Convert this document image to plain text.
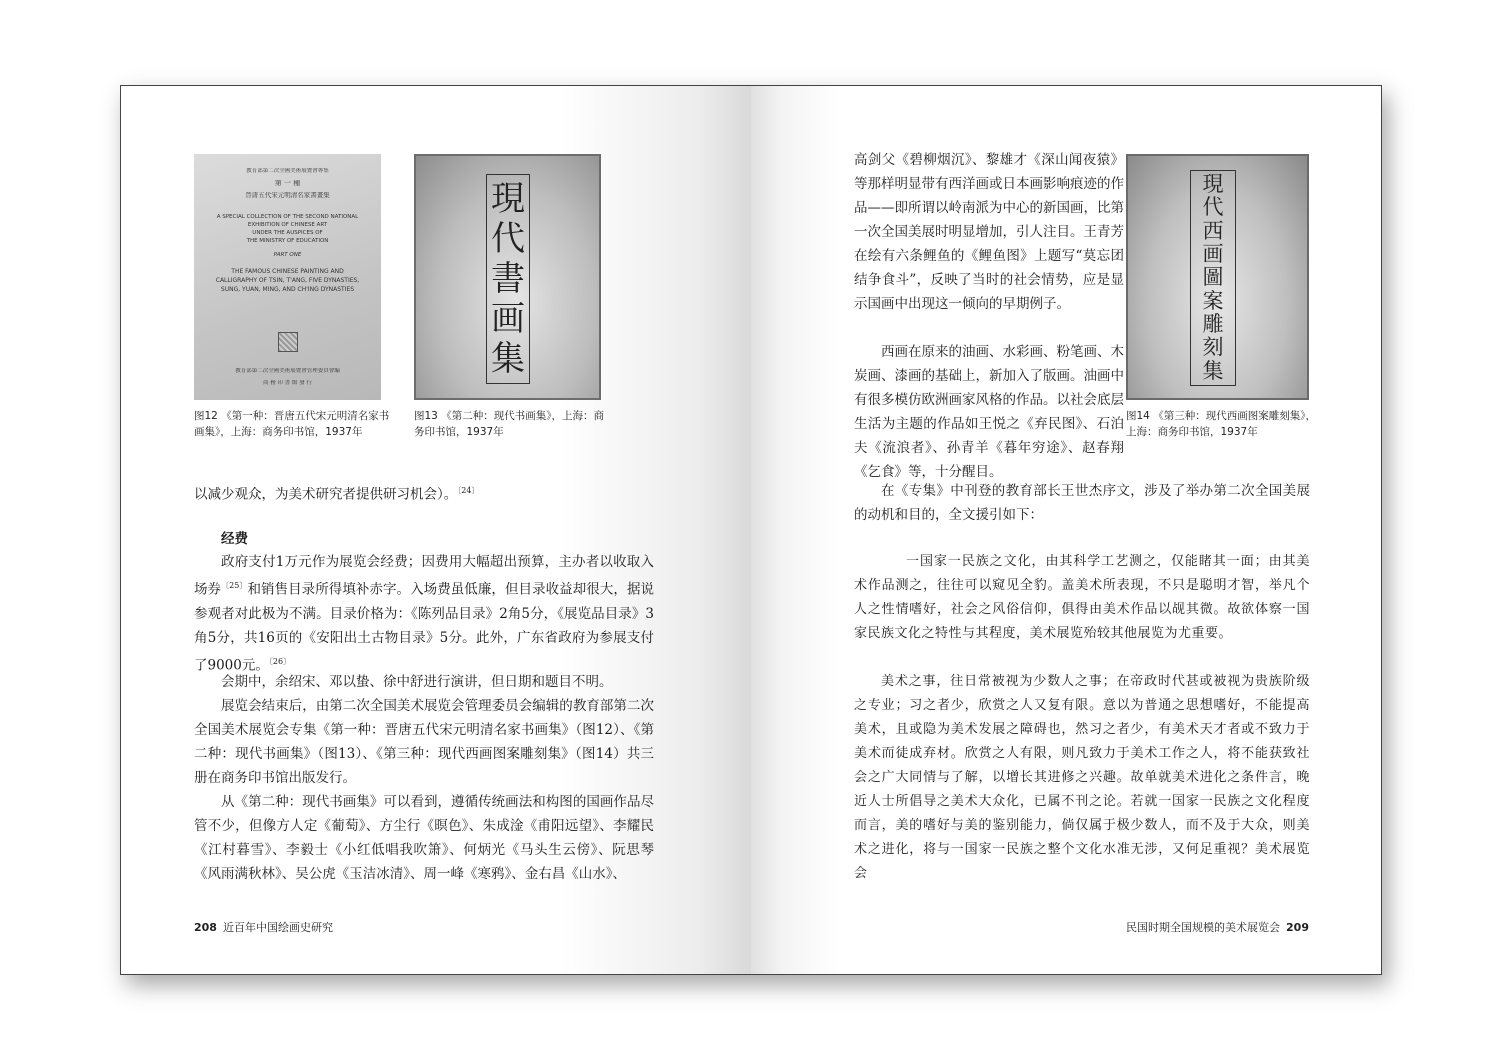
教育部第二次全國美術展覽會專集
第 一 種
晉唐五代宋元明清名家書畫集
A SPECIAL COLLECTION OF THE SECOND NATIONAL
EXHIBITION OF CHINESE ART
UNDER THE AUSPICES OF
THE MINISTRY OF EDUCATION
PART ONE
THE FAMOUS CHINESE PAINTING AND
CALLIGRAPHY OF TSIN, T'ANG, FIVE DYNASTIES,
SUNG, YUAN, MING, AND CH'ING DYNASTIES
教育部第二次全國美術展覽會管理委員會編
商 務 印 書 館 發 行
現
代
書
画
集
图12 《第一种：晋唐五代宋元明清名家书
画集》，上海：商务印书馆，1937年
图13 《第二种：现代书画集》，上海：商
务印书馆，1937年

以减少观众，为美术研究者提供研习机会）。$^{〔24〕}$

经费

政府支付1万元作为展览会经费；因费用大幅超出预算，主办者以收取入场券$^{〔25〕}$和销售目录所得填补赤字。入场费虽低廉，但目录收益却很大，据说参观者对此极为不满。目录价格为：《陈列品目录》2角5分，《展览品目录》3角5分，共16页的《安阳出土古物目录》5分。此外，广东省政府为参展支付了9000元。$^{〔26〕}$

会期中，余绍宋、邓以蛰、徐中舒进行演讲，但日期和题目不明。

展览会结束后，由第二次全国美术展览会管理委员会编辑的教育部第二次全国美术展览会专集《第一种：晋唐五代宋元明清名家书画集》（图12）、《第二种：现代书画集》（图13）、《第三种：现代西画图案雕刻集》（图14）共三册在商务印书馆出版发行。

从《第二种：现代书画集》可以看到，遵循传统画法和构图的国画作品尽管不少，但像方人定《葡萄》、方尘行《暝色》、朱成淦《甫阳远望》、李耀民《江村暮雪》、李毅士《小红低唱我吹箫》、何炳光《马头生云傍》、阮思琴《风雨满秋林》、吴公虎《玉洁冰清》、周一峰《寒鸦》、金右昌《山水》、

208 近百年中国绘画史研究

高剑父《碧柳烟沉》、黎雄才《深山闻夜猿》等那样明显带有西洋画或日本画影响痕迹的作品——即所谓以岭南派为中心的新国画，比第一次全国美展时明显增加，引人注目。王青芳在绘有六条鲤鱼的《鲤鱼图》上题写“莫忘团结争食斗”，反映了当时的社会情势，应是显示国画中出现这一倾向的早期例子。

西画在原来的油画、水彩画、粉笔画、木炭画、漆画的基础上，新加入了版画。油画中有很多模仿欧洲画家风格的作品。以社会底层生活为主题的作品如王悦之《弃民图》、石泊夫《流浪者》、孙青羊《暮年穷途》、赵春翔《乞食》等，十分醒目。

現
代
西
画
圖
案
雕
刻
集
图14 《第三种：现代西画图案雕刻集》，
上海：商务印书馆，1937年

在《专集》中刊登的教育部长王世杰序文，涉及了举办第二次全国美展的动机和目的，全文援引如下：

一国家一民族之文化，由其科学工艺测之，仅能睹其一面；由其美术作品测之，往往可以窥见全豹。盖美术所表现，不只是聪明才智，举凡个人之性情嗜好，社会之风俗信仰，俱得由美术作品以觇其微。故欲体察一国家民族文化之特性与其程度，美术展览殆较其他展览为尤重要。

美术之事，往日常被视为少数人之事；在帝政时代甚或被视为贵族阶级之专业；习之者少，欣赏之人又复有限。意以为普通之思想嗜好，不能提高美术，且或隐为美术发展之障碍也，然习之者少，有美术天才者或不致力于美术而徒成弃材。欣赏之人有限，则凡致力于美术工作之人，将不能获致社会之广大同情与了解，以增长其进修之兴趣。故单就美术进化之条件言，晚近人士所倡导之美术大众化，已属不刊之论。若就一国家一民族之文化程度而言，美的嗜好与美的鉴别能力，倘仅属于极少数人，而不及于大众，则美术之进化，将与一国家一民族之整个文化水准无涉，又何足重视？美术展览会

民国时期全国规模的美术展览会 209
